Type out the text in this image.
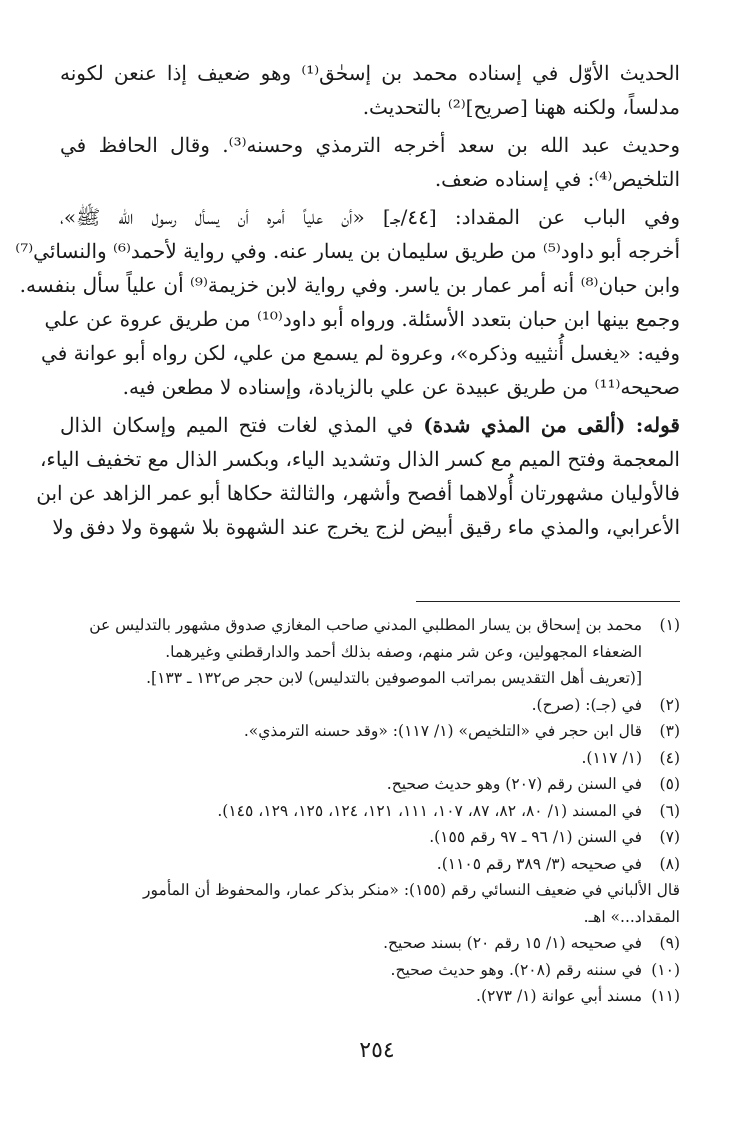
الحديث الأوّل في إسناده محمد بن إسحٰق⁽¹⁾ وهو ضعيف إذا عنعن لكونه
مدلساً، ولكنه ههنا [صريح]⁽²⁾ بالتحديث.
وحديث عبد الله بن سعد أخرجه الترمذي وحسنه⁽³⁾. وقال الحافظ في
التلخيص⁽⁴⁾: في إسناده ضعف.
وفي الباب عن المقداد: [٤٤/جـ] «أن علياً أمره أن يسأل رسول الله ﷺ»،
أخرجه أبو داود⁽⁵⁾ من طريق سليمان بن يسار عنه. وفي رواية لأحمد⁽⁶⁾ والنسائي⁽⁷⁾
وابن حبان⁽⁸⁾ أنه أمر عمار بن ياسر. وفي رواية لابن خزيمة⁽⁹⁾ أن علياً سأل بنفسه.
وجمع بينها ابن حبان بتعدد الأسئلة. ورواه أبو داود⁽¹⁰⁾ من طريق عروة عن علي
وفيه: «يغسل أُنثييه وذكره»، وعروة لم يسمع من علي، لكن رواه أبو عوانة في
صحيحه⁽¹¹⁾ من طريق عبيدة عن علي بالزيادة، وإسناده لا مطعن فيه.
قوله: (ألقى من المذي شدة) في المذي لغات فتح الميم وإسكان الذال
المعجمة وفتح الميم مع كسر الذال وتشديد الياء، وبكسر الذال مع تخفيف الياء،
فالأوليان مشهورتان أُولاهما أفصح وأشهر، والثالثة حكاها أبو عمر الزاهد عن ابن
الأعرابي، والمذي ماء رقيق أبيض لزج يخرج عند الشهوة بلا شهوة ولا دفق ولا
(١)
محمد بن إسحاق بن يسار المطلبي المدني صاحب المغازي صدوق مشهور بالتدليس عن
الضعفاء المجهولين، وعن شر منهم، وصفه بذلك أحمد والدارقطني وغيرهما.
[(تعريف أهل التقديس بمراتب الموصوفين بالتدليس) لابن حجر ص١٣٢ ـ ١٣٣].
(٢)
في (جـ): (صرح).
(٣)
قال ابن حجر في «التلخيص» (١/ ١١٧): «وقد حسنه الترمذي».
(٤)
(١/ ١١٧).
(٥)
في السنن رقم (٢٠٧) وهو حديث صحيح.
(٦)
في المسند (١/ ٨٠، ٨٢، ٨٧، ١٠٧، ١١١، ١٢١، ١٢٤، ١٢٥، ١٢٩، ١٤٥).
(٧)
في السنن (١/ ٩٦ ـ ٩٧ رقم ١٥٥).
(٨)
في صحيحه (٣/ ٣٨٩ رقم ١١٠٥).
قال الألباني في ضعيف النسائي رقم (١٥٥): «منكر بذكر عمار، والمحفوظ أن المأمور
المقداد...» اهـ.
(٩)
في صحيحه (١/ ١٥ رقم ٢٠) بسند صحيح.
(١٠)
في سننه رقم (٢٠٨). وهو حديث صحيح.
(١١)
مسند أبي عوانة (١/ ٢٧٣).
٢٥٤
